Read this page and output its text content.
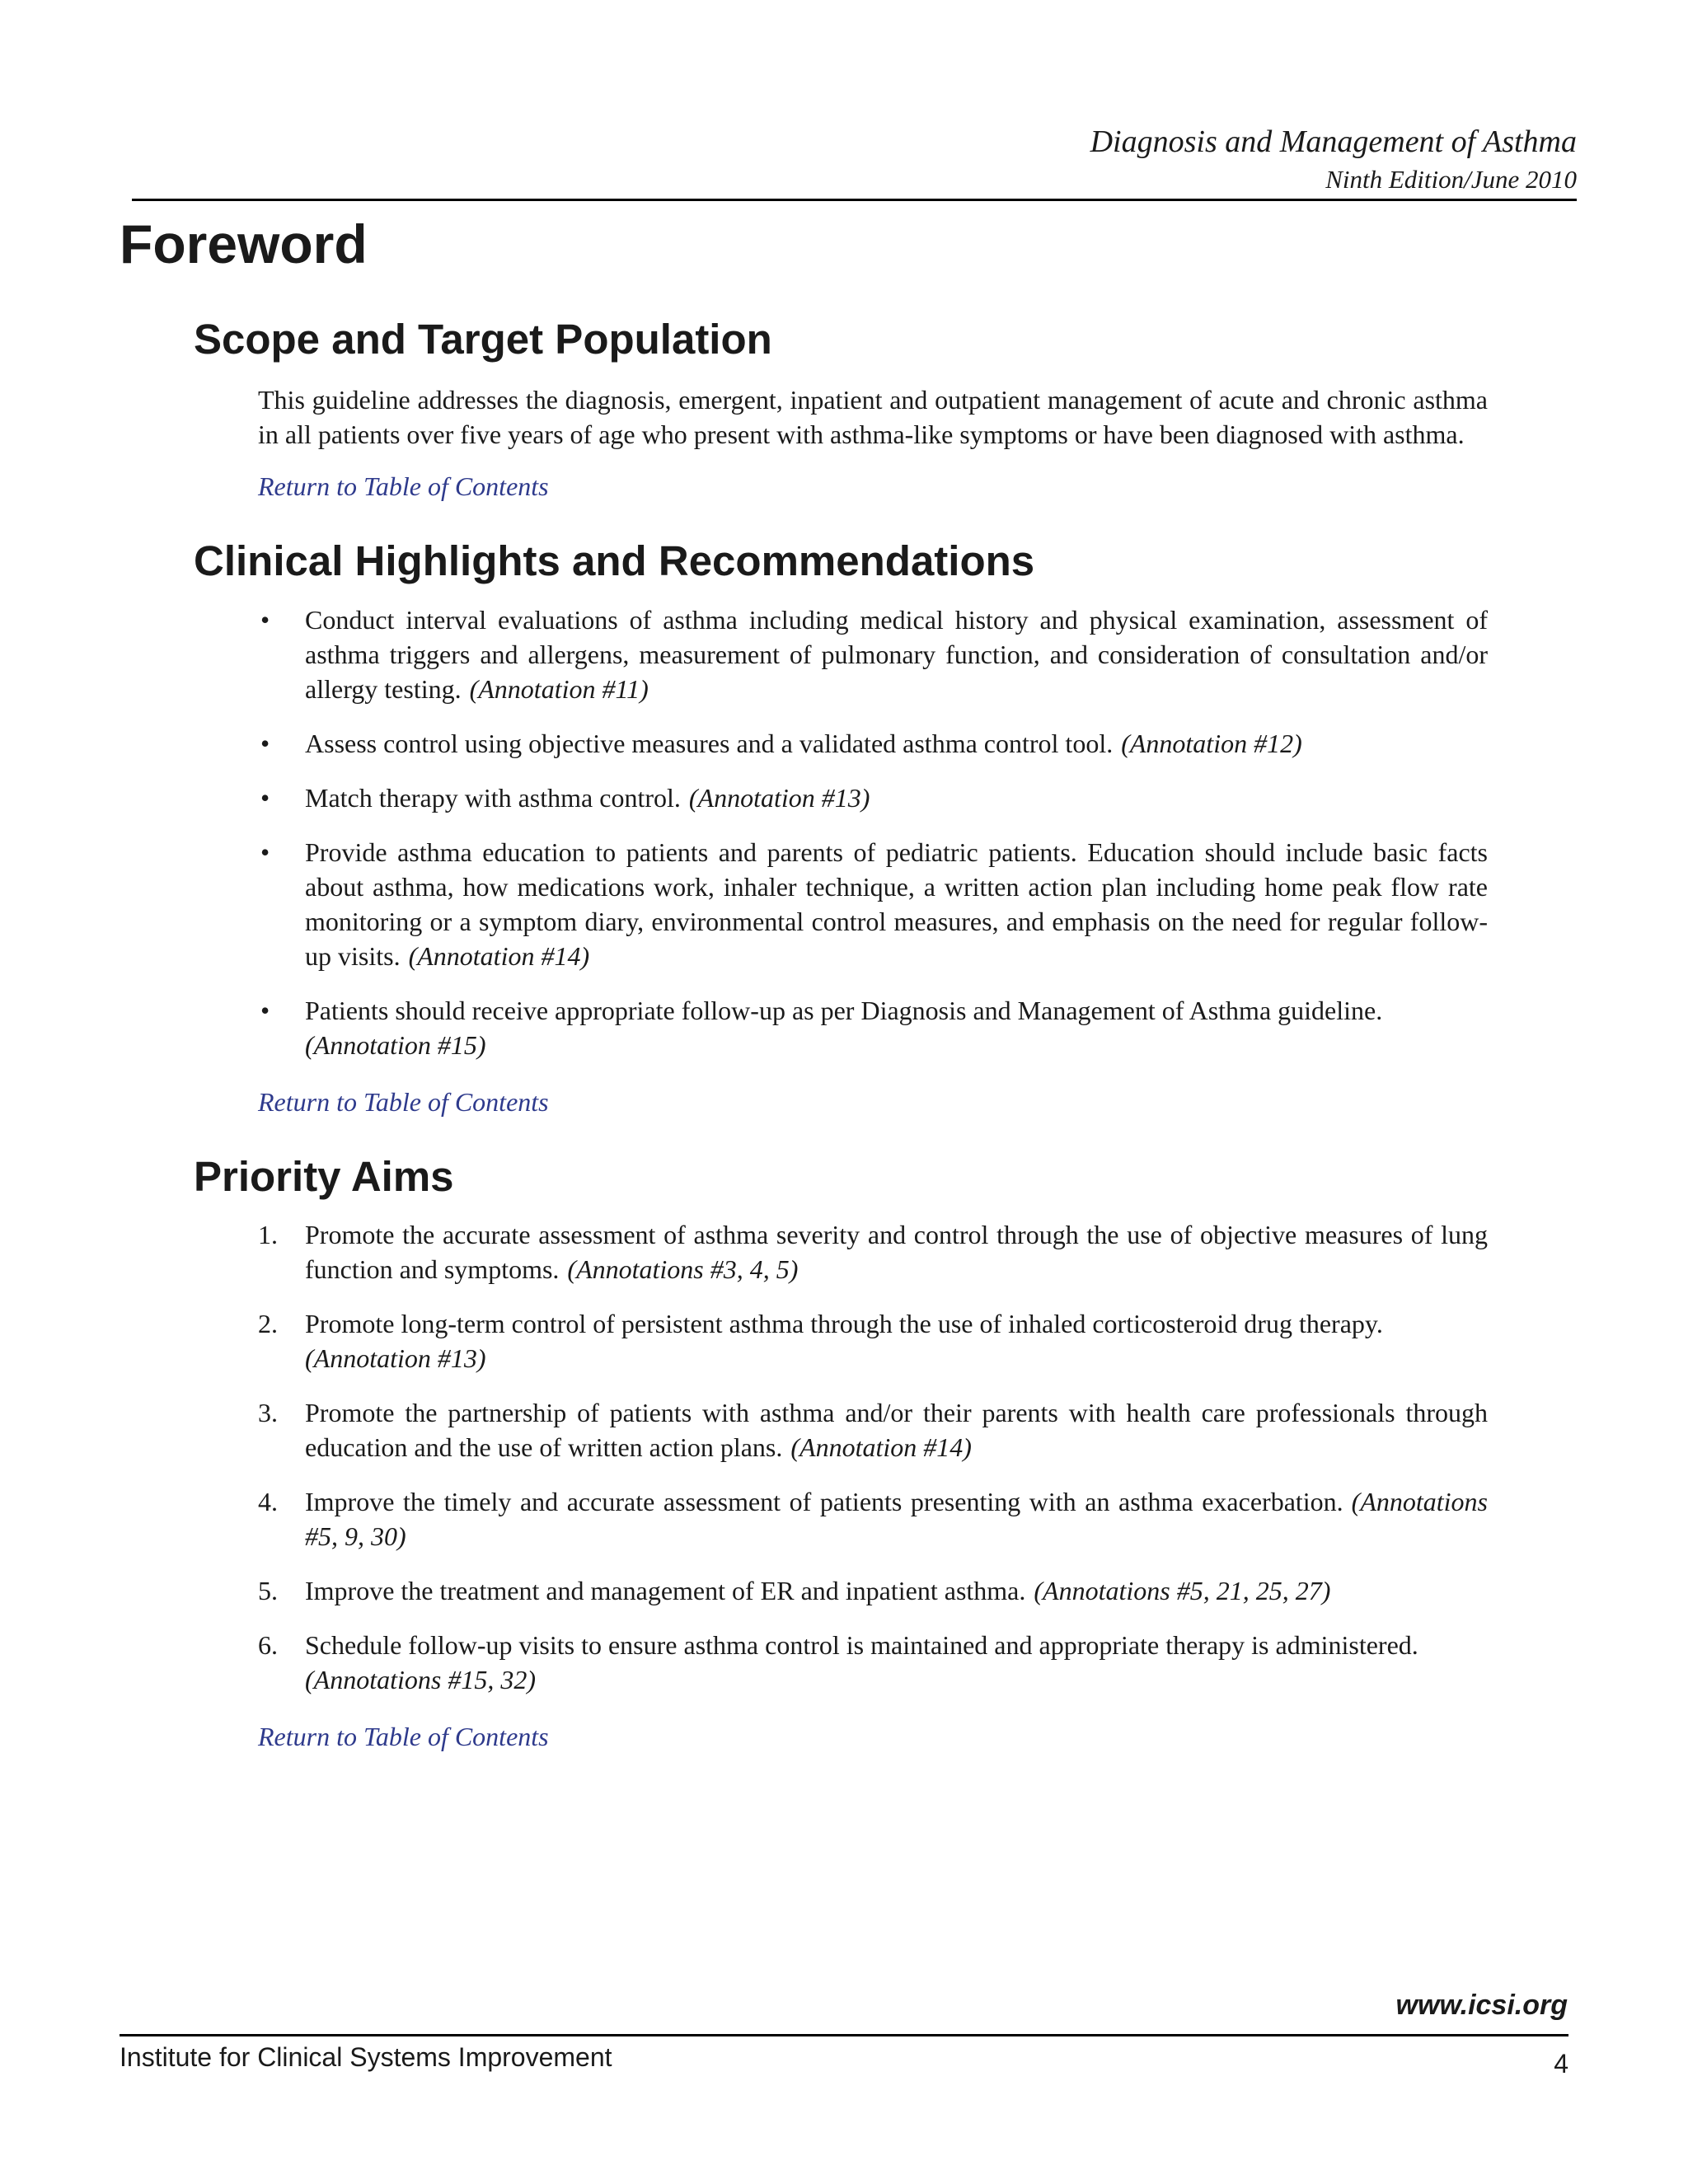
Diagnosis and Management of Asthma
Ninth Edition/June 2010
Foreword
Scope and Target Population

This guideline addresses the diagnosis, emergent, inpatient and outpatient management of acute and chronic asthma in all patients over five years of age who present with asthma-like symptoms or have been diagnosed with asthma.

Return to Table of Contents
Clinical Highlights and Recommendations
• Conduct interval evaluations of asthma including medical history and physical examination, assessment of asthma triggers and allergens, measurement of pulmonary function, and consideration of consultation and/or allergy testing. (Annotation #11)
• Assess control using objective measures and a validated asthma control tool. (Annotation #12)
• Match therapy with asthma control. (Annotation #13)
• Provide asthma education to patients and parents of pediatric patients. Education should include basic facts about asthma, how medications work, inhaler technique, a written action plan including home peak flow rate monitoring or a symptom diary, environmental control measures, and emphasis on the need for regular follow-up visits. (Annotation #14)
• Patients should receive appropriate follow-up as per Diagnosis and Management of Asthma guideline.
(Annotation #15)
Return to Table of Contents
Priority Aims
1. Promote the accurate assessment of asthma severity and control through the use of objective measures of lung function and symptoms. (Annotations #3, 4, 5)
2. Promote long-term control of persistent asthma through the use of inhaled corticosteroid drug therapy.
(Annotation #13)
3. Promote the partnership of patients with asthma and/or their parents with health care professionals through education and the use of written action plans. (Annotation #14)
4. Improve the timely and accurate assessment of patients presenting with an asthma exacerbation. (Annotations #5, 9, 30)
5. Improve the treatment and management of ER and inpatient asthma. (Annotations #5, 21, 25, 27)
6. Schedule follow-up visits to ensure asthma control is maintained and appropriate therapy is administered.
(Annotations #15, 32)
Return to Table of Contents
www.icsi.org
Institute for Clinical Systems Improvement	4
